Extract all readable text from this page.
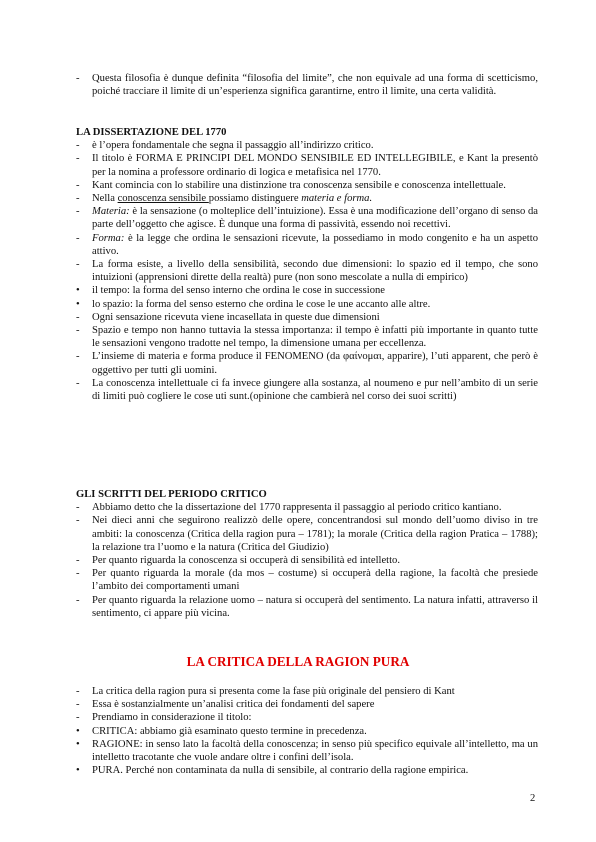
-	Questa filosofia è dunque definita “filosofia del limite”, che non equivale ad una forma di scetticismo, poiché tracciare il limite di un’esperienza significa garantirne, entro il limite, una certa validità.
LA DISSERTAZIONE DEL 1770
-	è l’opera fondamentale che segna il passaggio all’indirizzo critico.
-	Il titolo è FORMA E PRINCIPI DEL MONDO SENSIBILE ED INTELLEGIBILE, e Kant la presentò per la nomina a professore ordinario di logica e metafisica nel 1770.
-	Kant comincia con lo stabilire una distinzione tra conoscenza sensibile e conoscenza intellettuale.
-	Nella conoscenza sensibile possiamo distinguere materia e forma.
-	Materia: è la sensazione (o molteplice dell’intuizione). Essa è una modificazione dell’organo di senso da parte dell’oggetto che agisce. È dunque una forma di passività, essendo noi recettivi.
-	Forma: è la legge che ordina le sensazioni ricevute, la possediamo in modo congenito e ha un aspetto attivo.
-	La forma esiste, a livello della sensibilità, secondo due dimensioni: lo spazio ed il tempo, che sono intuizioni (apprensioni dirette della realtà) pure (non sono mescolate a nulla di empirico)
•	il tempo: la forma del senso interno che ordina le cose in successione
•	lo spazio: la forma del senso esterno che ordina le cose le une accanto alle altre.
-	Ogni sensazione ricevuta viene incasellata in queste due dimensioni
-	Spazio e tempo non hanno tuttavia la stessa importanza: il tempo è infatti più importante in quanto tutte le sensazioni vengono tradotte nel tempo, la dimensione umana per eccellenza.
-	L’insieme di materia e forma produce il FENOMENO (da φαίνομαι, apparire), l’uti apparent, che però è oggettivo per tutti gli uomini.
-	La conoscenza intellettuale ci fa invece giungere alla sostanza, al noumeno e pur nell’ambito di un serie di limiti può cogliere le cose uti sunt.(opinione che cambierà nel corso dei suoi scritti)
GLI SCRITTI DEL PERIODO CRITICO
-	Abbiamo detto che la dissertazione del 1770 rappresenta il passaggio al periodo critico kantiano.
-	Nei dieci anni che seguirono realizzò delle opere, concentrandosi sul mondo dell’uomo diviso in tre ambiti: la conoscenza (Critica della ragion pura – 1781); la morale (Critica della ragion Pratica – 1788); la relazione tra l’uomo e la natura (Critica del Giudizio)
-	Per quanto riguarda la conoscenza si occuperà di sensibilità ed intelletto.
-	Per quanto riguarda la morale (da mos – costume) si occuperà della ragione, la facoltà che presiede l’ambito dei comportamenti umani
-	Per quanto riguarda la relazione uomo – natura si occuperà del sentimento. La natura infatti, attraverso il sentimento, ci appare più vicina.
LA CRITICA DELLA RAGION PURA
-	La critica della ragion pura si presenta come la fase più originale del pensiero di Kant
-	Essa è sostanzialmente un’analisi critica dei fondamenti del sapere
-	Prendiamo in considerazione il titolo:
•	CRITICA: abbiamo già esaminato questo termine in precedenza.
•	RAGIONE: in senso lato la facoltà della conoscenza; in senso più specifico equivale all’intelletto, ma un intelletto tracotante che vuole andare oltre i confini dell’isola.
•	PURA. Perché non contaminata da nulla di sensibile, al contrario della ragione empirica.
2
